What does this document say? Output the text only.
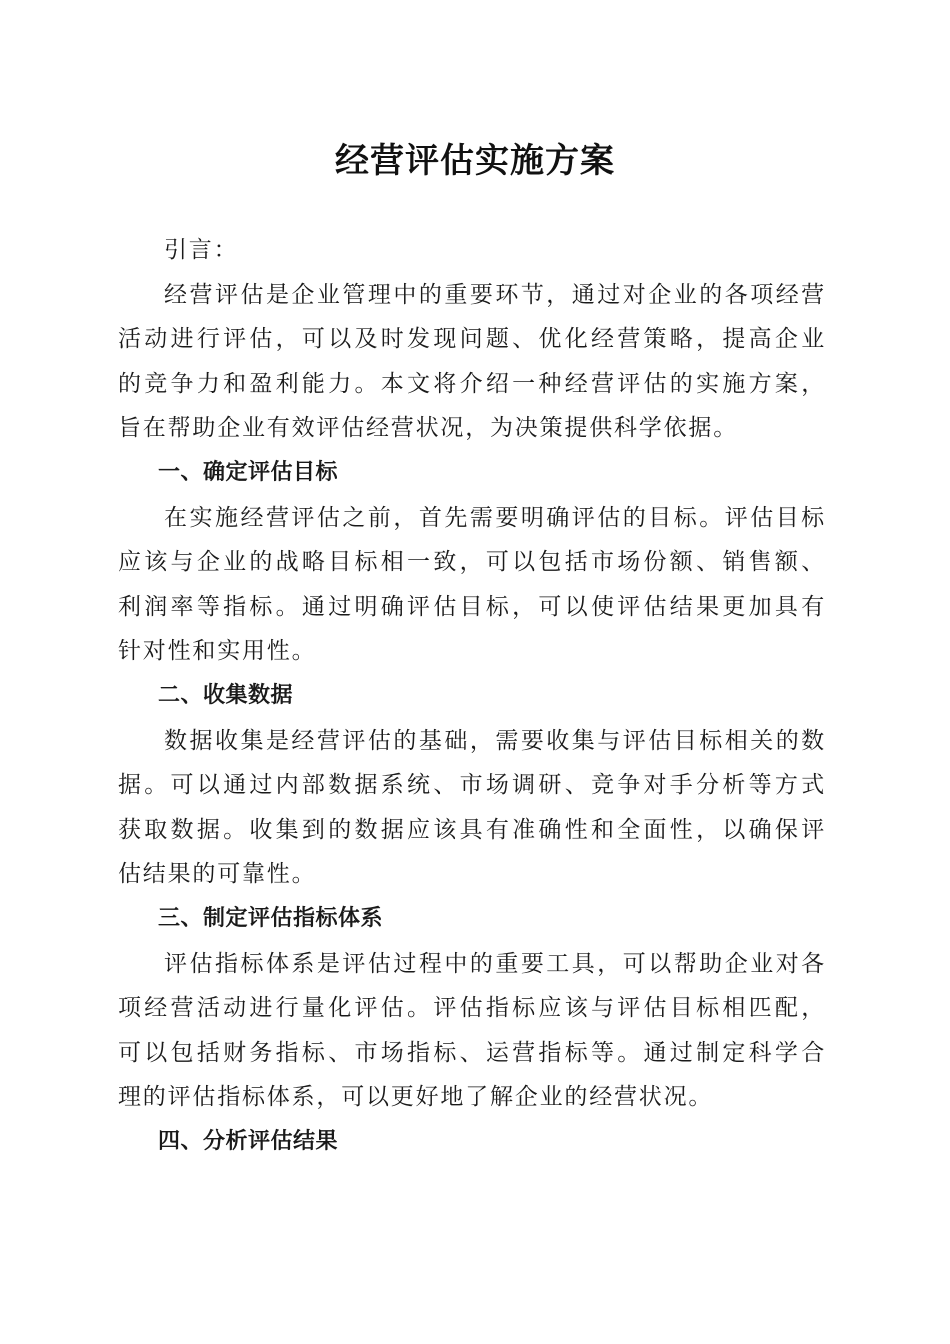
经营评估实施方案
引言：
经营评估是企业管理中的重要环节，通过对企业的各项经营
活动进行评估，可以及时发现问题、优化经营策略，提高企业
的竞争力和盈利能力。本文将介绍一种经营评估的实施方案，
旨在帮助企业有效评估经营状况，为决策提供科学依据。
一、确定评估目标
在实施经营评估之前，首先需要明确评估的目标。评估目标
应该与企业的战略目标相一致，可以包括市场份额、销售额、
利润率等指标。通过明确评估目标，可以使评估结果更加具有
针对性和实用性。
二、收集数据
数据收集是经营评估的基础，需要收集与评估目标相关的数
据。可以通过内部数据系统、市场调研、竞争对手分析等方式
获取数据。收集到的数据应该具有准确性和全面性，以确保评
估结果的可靠性。
三、制定评估指标体系
评估指标体系是评估过程中的重要工具，可以帮助企业对各
项经营活动进行量化评估。评估指标应该与评估目标相匹配，
可以包括财务指标、市场指标、运营指标等。通过制定科学合
理的评估指标体系，可以更好地了解企业的经营状况。
四、分析评估结果
